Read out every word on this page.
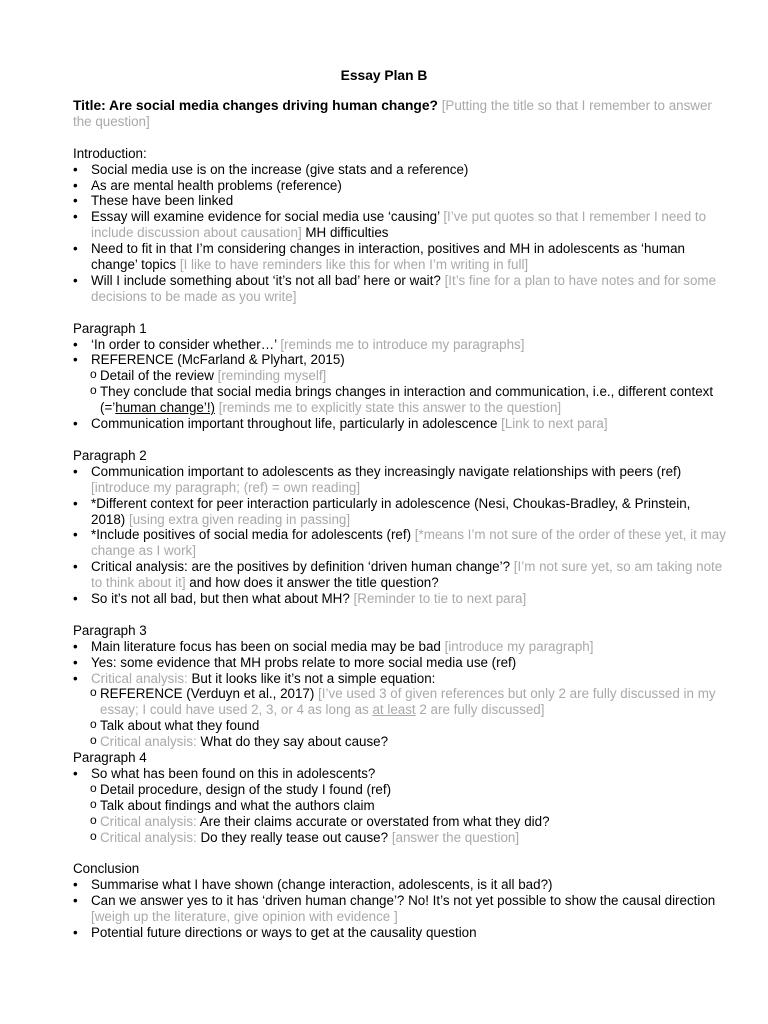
Essay Plan B

Title: Are social media changes driving human change? [Putting the title so that I remember to answer the question]

Introduction:

• Social media use is on the increase (give stats and a reference)
• As are mental health problems (reference)
• These have been linked
• Essay will examine evidence for social media use ‘causing’ [I’ve put quotes so that I remember I need to include discussion about causation] MH difficulties
• Need to fit in that I’m considering changes in interaction, positives and MH in adolescents as ‘human change’ topics [I like to have reminders like this for when I’m writing in full]
• Will I include something about ‘it’s not all bad’ here or wait? [It’s fine for a plan to have notes and for some decisions to be made as you write]

Paragraph 1

• ‘In order to consider whether…’ [reminds me to introduce my paragraphs]
• REFERENCE (McFarland & Plyhart, 2015)
o Detail of the review [reminding myself]
o They conclude that social media brings changes in interaction and communication, i.e., different context (=’human change’!) [reminds me to explicitly state this answer to the question]
• Communication important throughout life, particularly in adolescence [Link to next para]

Paragraph 2

• Communication important to adolescents as they increasingly navigate relationships with peers (ref) [introduce my paragraph; (ref) = own reading]
• *Different context for peer interaction particularly in adolescence (Nesi, Choukas-Bradley, & Prinstein, 2018) [using extra given reading in passing]
• *Include positives of social media for adolescents (ref) [*means I’m not sure of the order of these yet, it may change as I work]
• Critical analysis: are the positives by definition ‘driven human change’? [I’m not sure yet, so am taking note to think about it] and how does it answer the title question?
• So it’s not all bad, but then what about MH? [Reminder to tie to next para]

Paragraph 3

• Main literature focus has been on social media may be bad [introduce my paragraph]
• Yes: some evidence that MH probs relate to more social media use (ref)
• Critical analysis: But it looks like it’s not a simple equation:
o REFERENCE (Verduyn et al., 2017) [I’ve used 3 of given references but only 2 are fully discussed in my essay; I could have used 2, 3, or 4 as long as at least 2 are fully discussed]
o Talk about what they found
o Critical analysis: What do they say about cause?

Paragraph 4

• So what has been found on this in adolescents?
o Detail procedure, design of the study I found (ref)
o Talk about findings and what the authors claim
o Critical analysis: Are their claims accurate or overstated from what they did?
o Critical analysis: Do they really tease out cause? [answer the question]

Conclusion

• Summarise what I have shown (change interaction, adolescents, is it all bad?)
• Can we answer yes to it has ‘driven human change’? No! It’s not yet possible to show the causal direction [weigh up the literature, give opinion with evidence ]
• Potential future directions or ways to get at the causality question
